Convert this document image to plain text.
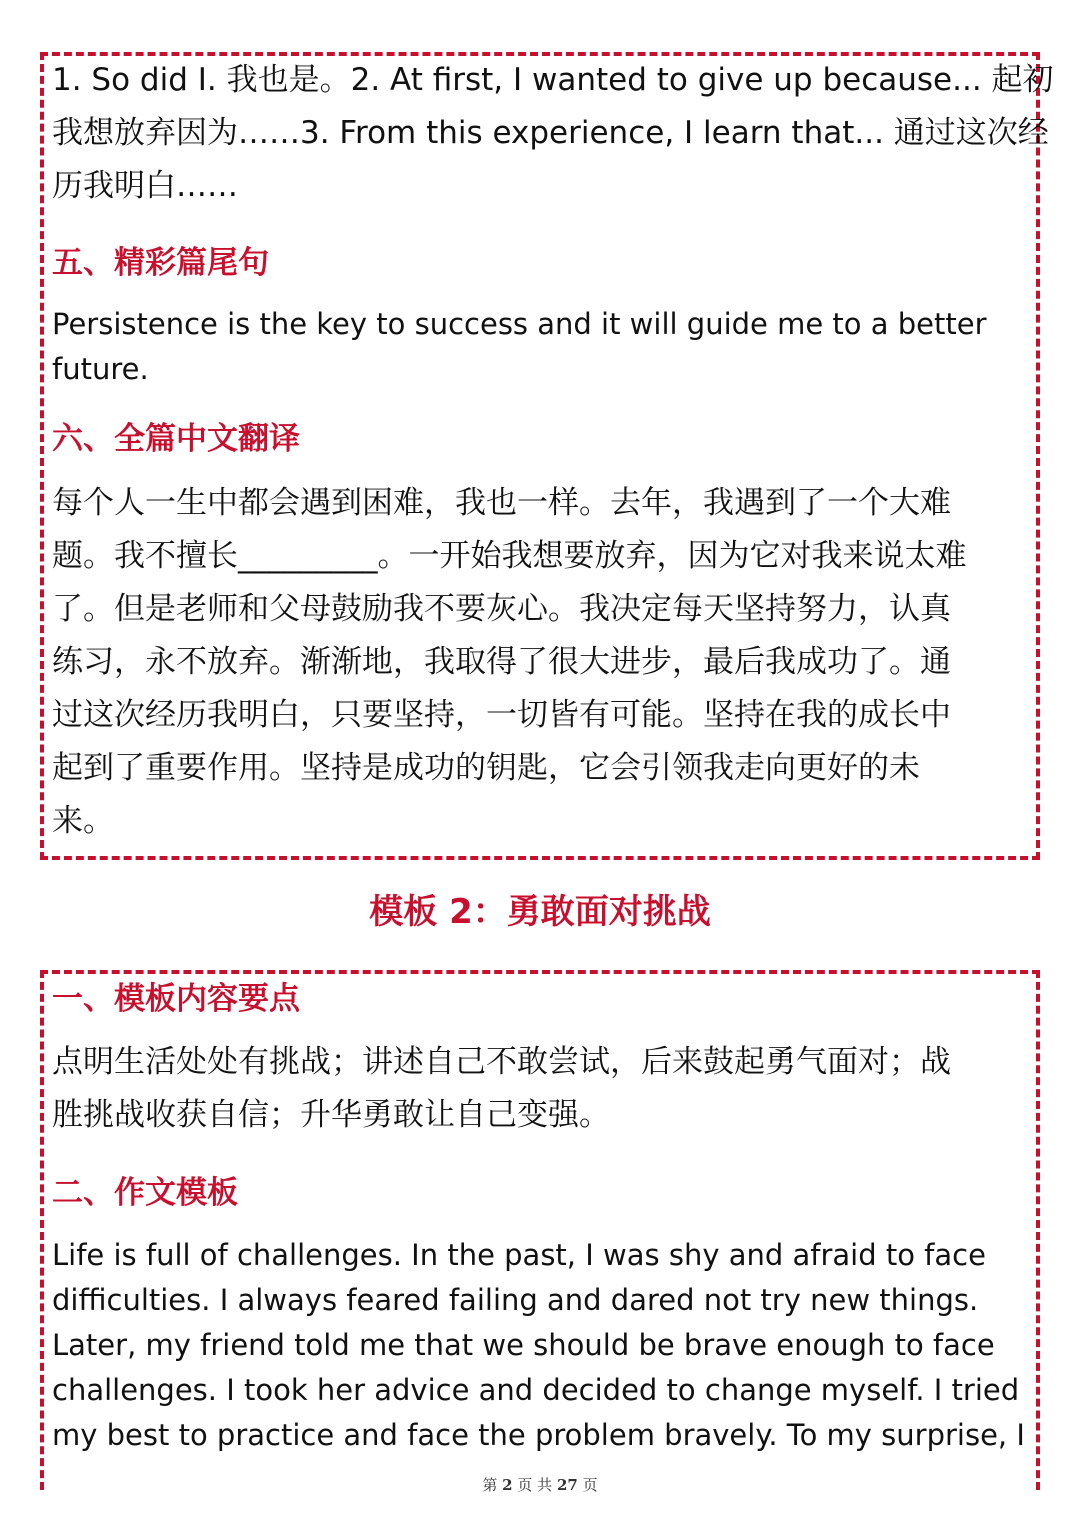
1. So did I. 我也是。2. At first, I wanted to give up because... 起初

我想放弃因为……3. From this experience, I learn that... 通过这次经

历我明白……

五、精彩篇尾句

Persistence is the key to success and it will guide me to a better

future.

六、全篇中文翻译

每个人一生中都会遇到困难，我也一样。去年，我遇到了一个大难

题。我不擅长_________。一开始我想要放弃，因为它对我来说太难

了。但是老师和父母鼓励我不要灰心。我决定每天坚持努力，认真

练习，永不放弃。渐渐地，我取得了很大进步，最后我成功了。通

过这次经历我明白，只要坚持，一切皆有可能。坚持在我的成长中

起到了重要作用。坚持是成功的钥匙，它会引领我走向更好的未

来。

模板 2：勇敢面对挑战
一、模板内容要点

点明生活处处有挑战；讲述自己不敢尝试，后来鼓起勇气面对；战

胜挑战收获自信；升华勇敢让自己变强。

二、作文模板

Life is full of challenges. In the past, I was shy and afraid to face

difficulties. I always feared failing and dared not try new things.

Later, my friend told me that we should be brave enough to face

challenges. I took her advice and decided to change myself. I tried

my best to practice and face the problem bravely. To my surprise, I

第 2 页 共 27 页
